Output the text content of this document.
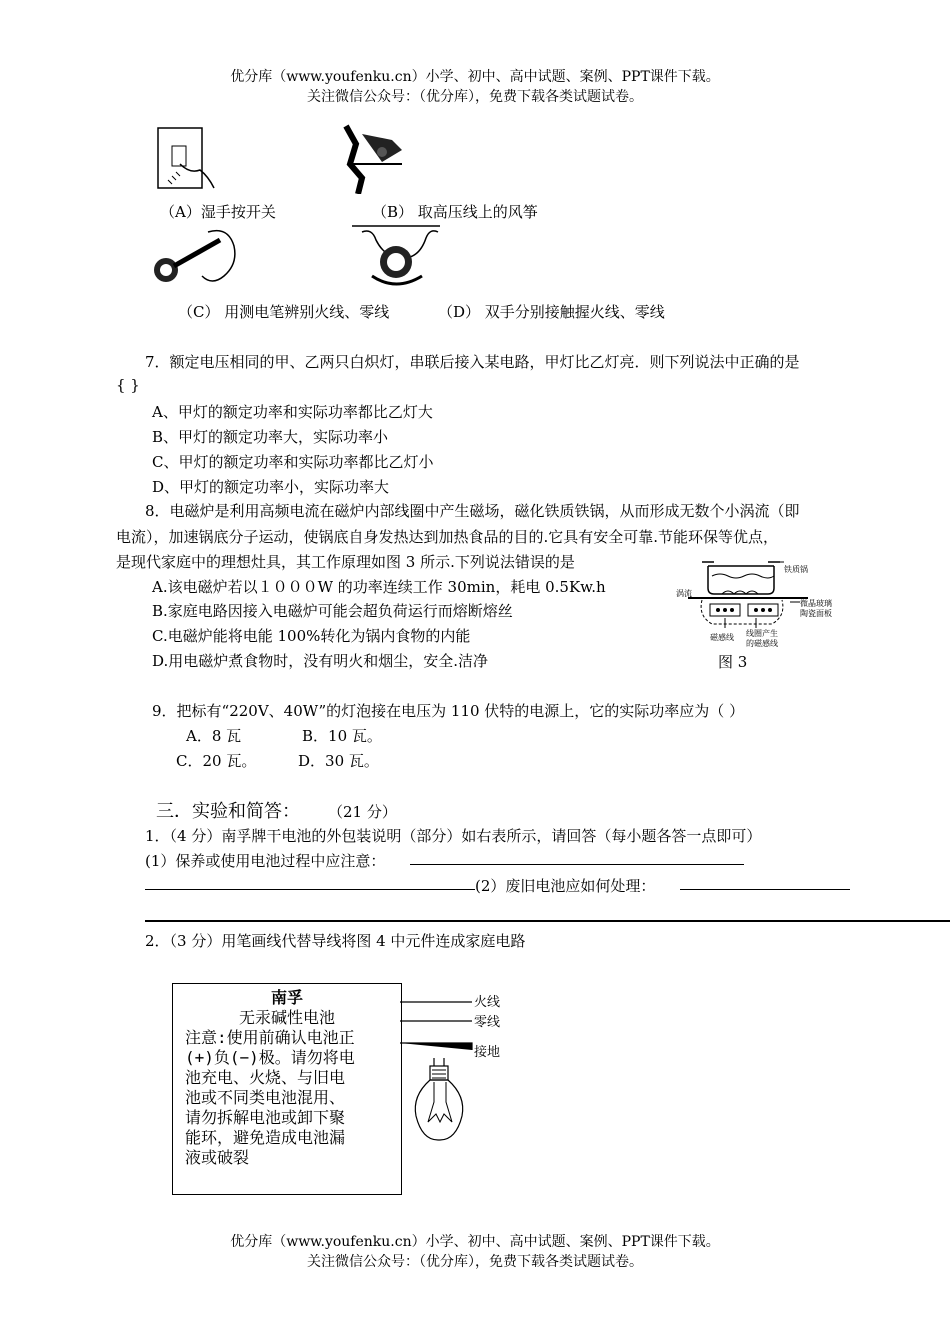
优分库（www.youfenku.cn）小学、初中、高中试题、案例、PPT课件下载。
关注微信公众号：（优分库），免费下载各类试题试卷。
（A）湿手按开关	（B） 取高压线上的风筝
（C） 用测电笔辨别火线、零线	（D） 双手分别接触握火线、零线
7．额定电压相同的甲、乙两只白炽灯，串联后接入某电路，甲灯比乙灯亮．则下列说法中正确的是
{ }
A、甲灯的额定功率和实际功率都比乙灯大
B、甲灯的额定功率大，实际功率小
C、甲灯的额定功率和实际功率都比乙灯小
D、甲灯的额定功率小，实际功率大
8．电磁炉是利用高频电流在磁炉内部线圈中产生磁场，磁化铁质铁锅，从而形成无数个小涡流（即
电流），加速锅底分子运动，使锅底自身发热达到加热食品的目的.它具有安全可靠.节能环保等优点，
是现代家庭中的理想灶具，其工作原理如图 3 所示.下列说法错误的是
A.该电磁炉若以１０００W 的功率连续工作 30min，耗电 0.5Kw.h
B.家庭电路因接入电磁炉可能会超负荷运行而熔断熔丝
C.电磁炉能将电能 100%转化为锅内食物的内能
D.用电磁炉煮食物时，没有明火和烟尘，安全.洁净
铁质锅
涡流
微晶玻璃
陶瓷面板
磁感线 线圈产生
的磁感线
图 3
9．把标有“220V、40W”的灯泡接在电压为 110 伏特的电源上，它的实际功率应为（ ）
A．8 瓦	B．10 瓦。
C．20 瓦。	D．30 瓦。
三．实验和简答： （21 分）
1．（4 分）南孚牌干电池的外包装说明（部分）如右表所示，请回答（每小题各答一点即可）
(1）保养或使用电池过程中应注意：
(2）废旧电池应如何处理：
2．（3 分）用笔画线代替导线将图 4 中元件连成家庭电路
南孚
无汞碱性电池
注意:使用前确认电池正
(+)负(−)极。请勿将电
池充电、火烧、与旧电
池或不同类电池混用、
请勿拆解电池或卸下聚
能环，避免造成电池漏
液或破裂
火线
零线
接地
优分库（www.youfenku.cn）小学、初中、高中试题、案例、PPT课件下载。
关注微信公众号：（优分库），免费下载各类试题试卷。
